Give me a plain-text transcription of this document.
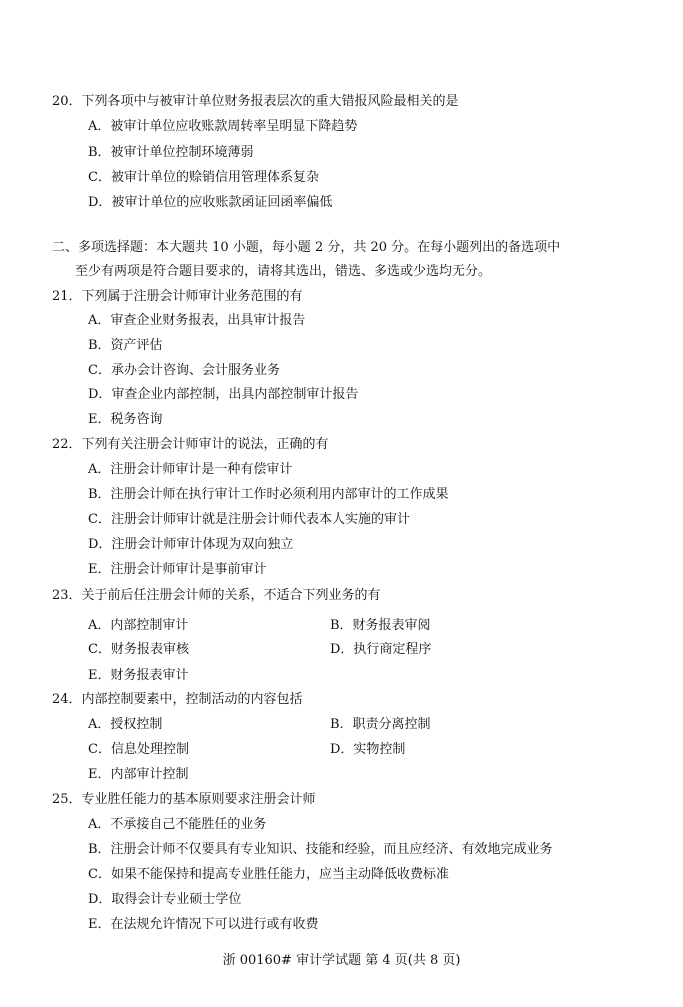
20．下列各项中与被审计单位财务报表层次的重大错报风险最相关的是
A．被审计单位应收账款周转率呈明显下降趋势
B．被审计单位控制环境薄弱
C．被审计单位的赊销信用管理体系复杂
D．被审计单位的应收账款函证回函率偏低
二、多项选择题：本大题共 10 小题，每小题 2 分，共 20 分。在每小题列出的备选项中
至少有两项是符合题目要求的，请将其选出，错选、多选或少选均无分。
21．下列属于注册会计师审计业务范围的有
A．审查企业财务报表，出具审计报告
B．资产评估
C．承办会计咨询、会计服务业务
D．审查企业内部控制，出具内部控制审计报告
E．税务咨询
22．下列有关注册会计师审计的说法，正确的有
A．注册会计师审计是一种有偿审计
B．注册会计师在执行审计工作时必须利用内部审计的工作成果
C．注册会计师审计就是注册会计师代表本人实施的审计
D．注册会计师审计体现为双向独立
E．注册会计师审计是事前审计
23．关于前后任注册会计师的关系，不适合下列业务的有
A．内部控制审计	B．财务报表审阅
C．财务报表审核	D．执行商定程序
E．财务报表审计
24．内部控制要素中，控制活动的内容包括
A．授权控制	B．职责分离控制
C．信息处理控制	D．实物控制
E．内部审计控制
25．专业胜任能力的基本原则要求注册会计师
A．不承接自己不能胜任的业务
B．注册会计师不仅要具有专业知识、技能和经验，而且应经济、有效地完成业务
C．如果不能保持和提高专业胜任能力，应当主动降低收费标准
D．取得会计专业硕士学位
E．在法规允许情况下可以进行或有收费
浙 00160# 审计学试题 第 4 页(共 8 页)
